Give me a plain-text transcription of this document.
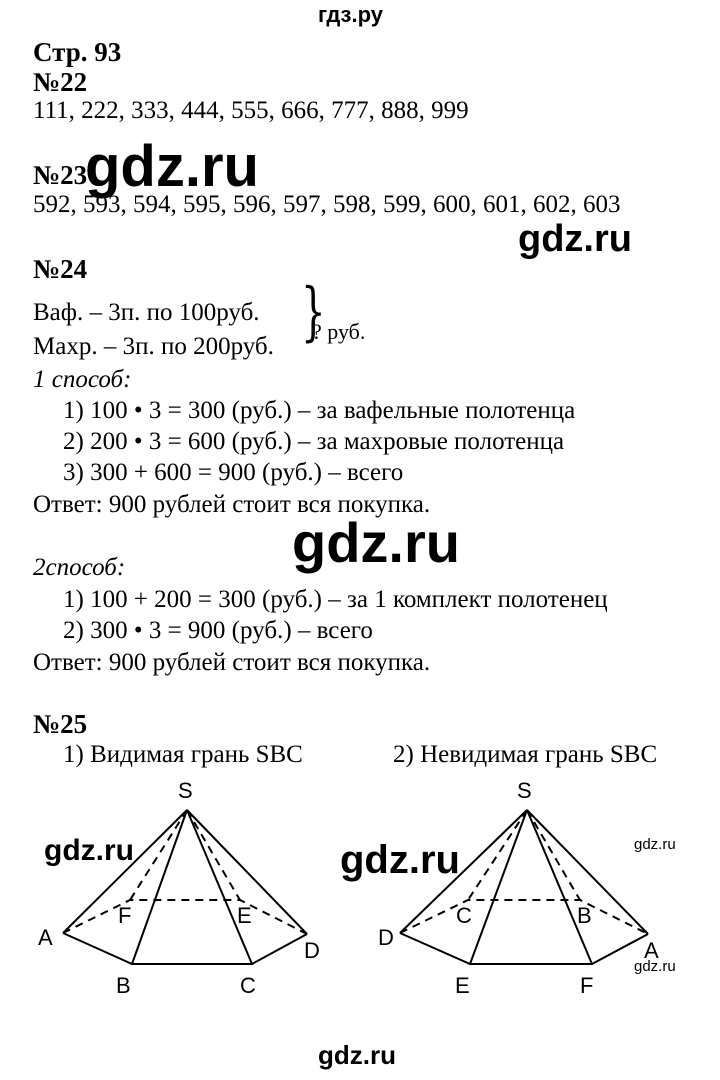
гдз.ру
Стр. 93
№22
111, 222, 333, 444, 555, 666, 777, 888, 999
№23
gdz.ru
592, 593, 594, 595, 596, 597, 598, 599, 600, 601, 602, 603
gdz.ru
№24
Ваф. – 3п. по 100руб.
Махр. – 3п. по 200руб. }
? руб.
1 способ:
1) 100 • 3 = 300 (руб.) – за вафельные полотенца
2) 200 • 3 = 600 (руб.) – за махровые полотенца
3) 300 + 600 = 900 (руб.) – всего
Ответ: 900 рублей стоит вся покупка.
gdz.ru
2способ:
1) 100 + 200 = 300 (руб.) – за 1 комплект полотенец
2) 300 • 3 = 900 (руб.) – всего
Ответ: 900 рублей стоит вся покупка.
№25
1) Видимая грань SBC	2) Невидимая грань SBC
S
A
B	C
D
E
F
gdz.ru
S
D
E	F
A
B
C
gdz.ru	gdz.ru
gdz.ru
gdz.ru
